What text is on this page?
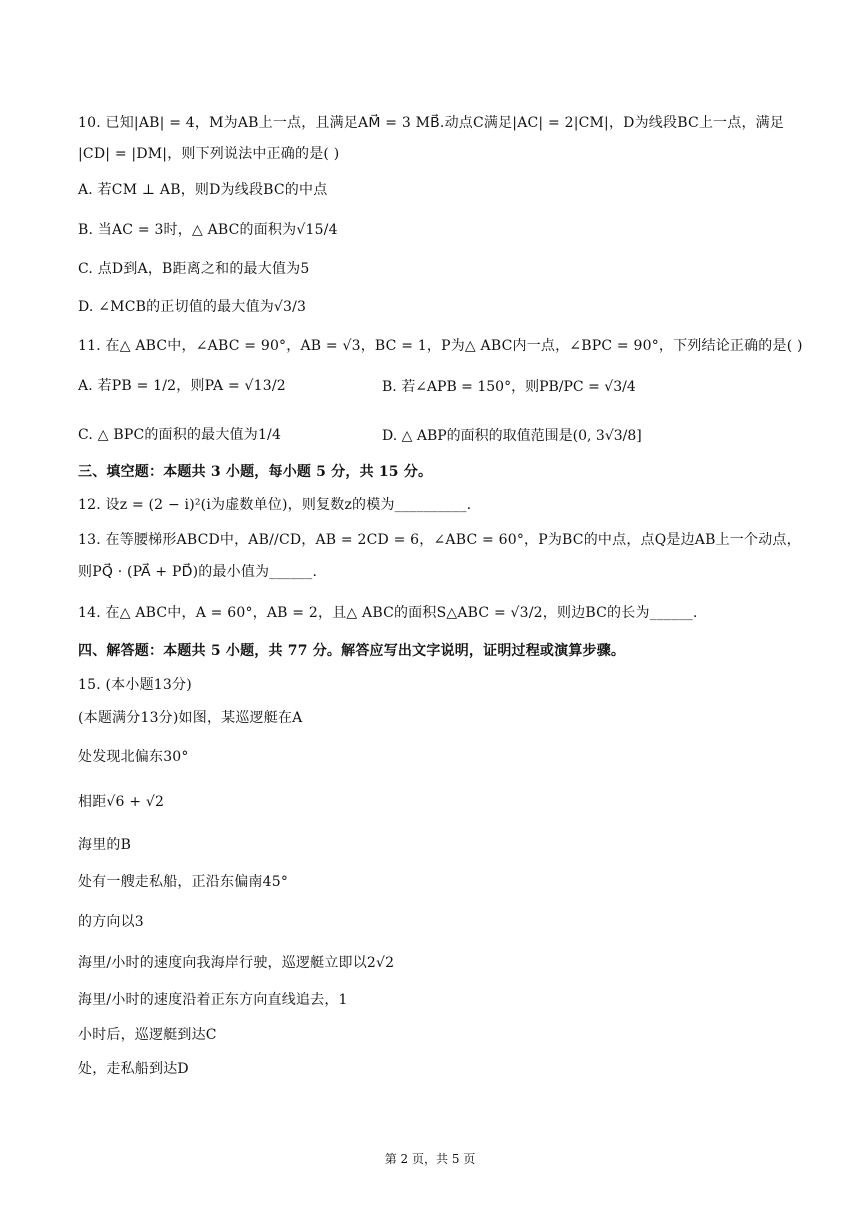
10. 已知|AB| = 4，M为AB上一点，且满足AM⃗ = 3 MB⃗.动点C满足|AC| = 2|CM|，D为线段BC上一点，满足
|CD| = |DM|，则下列说法中正确的是( )
A. 若CM ⊥ AB，则D为线段BC的中点
B. 当AC = 3时，△ ABC的面积为√15/4
C. 点D到A，B距离之和的最大值为5
D. ∠MCB的正切值的最大值为√3/3
11. 在△ ABC中，∠ABC = 90°，AB = √3，BC = 1，P为△ ABC内一点，∠BPC = 90°，下列结论正确的是( )
A. 若PB = 1/2，则PA = √13/2	B. 若∠APB = 150°，则PB/PC = √3/4
C. △ BPC的面积的最大值为1/4	D. △ ABP的面积的取值范围是(0, 3√3/8]
三、填空题：本题共 3 小题，每小题 5 分，共 15 分。
12. 设z = (2 − i)²(i为虚数单位)，则复数z的模为__________.
13. 在等腰梯形ABCD中，AB//CD，AB = 2CD = 6，∠ABC = 60°，P为BC的中点，点Q是边AB上一个动点，
则PQ⃗ · (PA⃗ + PD⃗)的最小值为______.
14. 在△ ABC中，A = 60°，AB = 2，且△ ABC的面积S△ABC = √3/2，则边BC的长为______.
四、解答题：本题共 5 小题，共 77 分。解答应写出文字说明，证明过程或演算步骤。
15. (本小题13分)
(本题满分13分)如图，某巡逻艇在A
处发现北偏东30°
相距√6 + √2
海里的B
处有一艘走私船，正沿东偏南45°
的方向以3
海里/小时的速度向我海岸行驶，巡逻艇立即以2√2
海里/小时的速度沿着正东方向直线追去，1
小时后，巡逻艇到达C
处，走私船到达D
第 2 页，共 5 页
